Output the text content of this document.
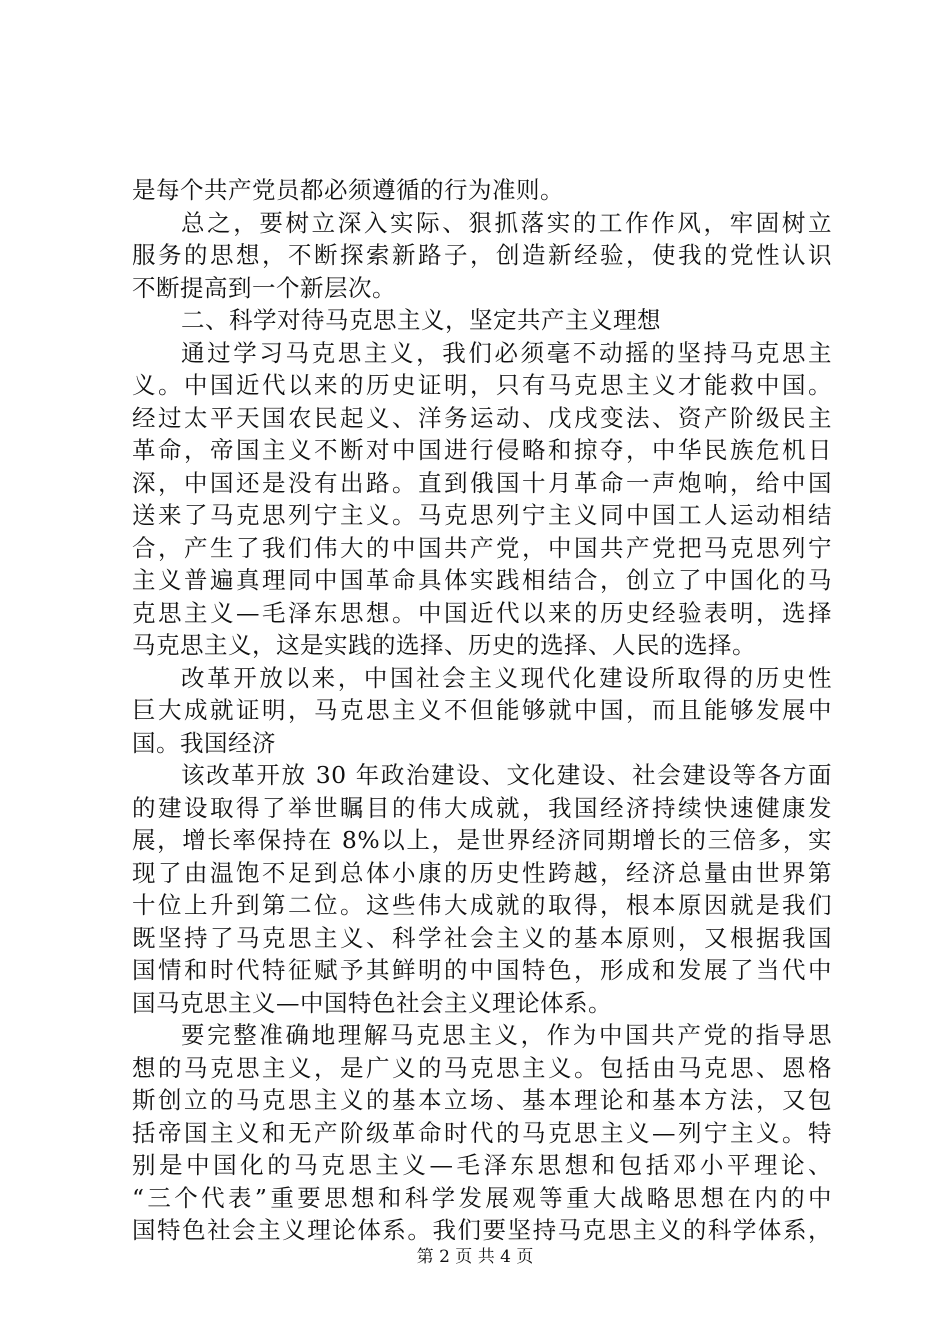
是每个共产党员都必须遵循的行为准则。
总之，要树立深入实际、狠抓落实的工作作风，牢固树立
服务的思想，不断探索新路子，创造新经验，使我的党性认识
不断提高到一个新层次。
二、科学对待马克思主义，坚定共产主义理想
通过学习马克思主义，我们必须毫不动摇的坚持马克思主
义。中国近代以来的历史证明，只有马克思主义才能救中国。
经过太平天国农民起义、洋务运动、戊戌变法、资产阶级民主
革命，帝国主义不断对中国进行侵略和掠夺，中华民族危机日
深，中国还是没有出路。直到俄国十月革命一声炮响，给中国
送来了马克思列宁主义。马克思列宁主义同中国工人运动相结
合，产生了我们伟大的中国共产党，中国共产党把马克思列宁
主义普遍真理同中国革命具体实践相结合，创立了中国化的马
克思主义—毛泽东思想。中国近代以来的历史经验表明，选择
马克思主义，这是实践的选择、历史的选择、人民的选择。
改革开放以来，中国社会主义现代化建设所取得的历史性
巨大成就证明，马克思主义不但能够就中国，而且能够发展中
国。我国经济
该改革开放 30 年政治建设、文化建设、社会建设等各方面
的建设取得了举世瞩目的伟大成就，我国经济持续快速健康发
展，增长率保持在 8%以上，是世界经济同期增长的三倍多，实
现了由温饱不足到总体小康的历史性跨越，经济总量由世界第
十位上升到第二位。这些伟大成就的取得，根本原因就是我们
既坚持了马克思主义、科学社会主义的基本原则，又根据我国
国情和时代特征赋予其鲜明的中国特色，形成和发展了当代中
国马克思主义—中国特色社会主义理论体系。
要完整准确地理解马克思主义，作为中国共产党的指导思
想的马克思主义，是广义的马克思主义。包括由马克思、恩格
斯创立的马克思主义的基本立场、基本理论和基本方法，又包
括帝国主义和无产阶级革命时代的马克思主义—列宁主义。特
别是中国化的马克思主义—毛泽东思想和包括邓小平理论、
“三个代表”重要思想和科学发展观等重大战略思想在内的中
国特色社会主义理论体系。我们要坚持马克思主义的科学体系，
第 2 页 共 4 页
